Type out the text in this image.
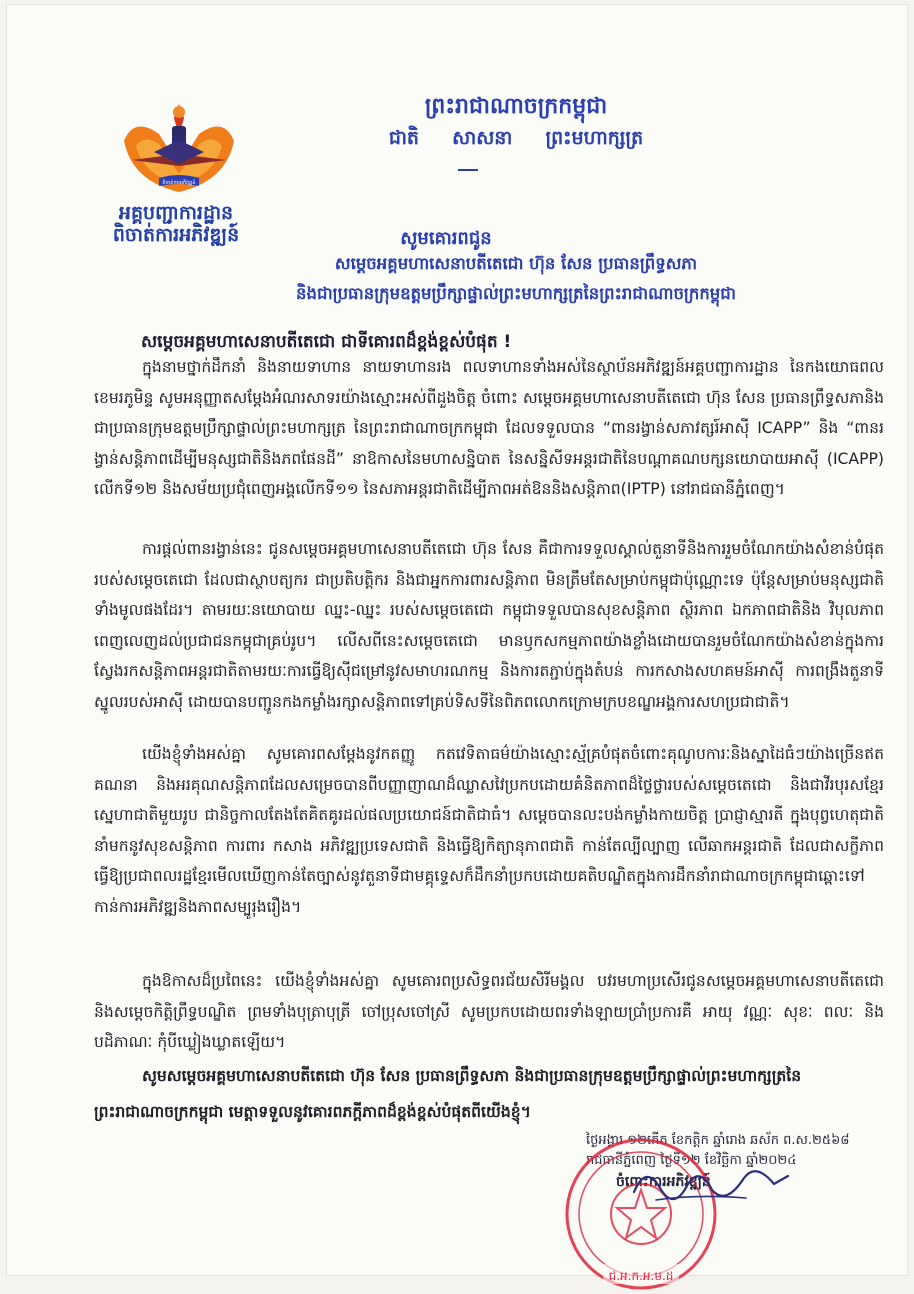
ពិចាត់ការអភិវឌ្ឍន៍
អគ្គបញ្ជាការដ្ឋាន
ពិចាត់ការអភិវឌ្ឍន៍
ព្រះរាជាណាចក្រកម្ពុជា
ជាតិ     សាសនា     ព្រះមហាក្សត្រ
សូមគោរពជូន
សម្តេចអគ្គមហាសេនាបតីតេជោ ហ៊ុន សែន ប្រធានព្រឹទ្ធសភា
និងជាប្រធានក្រុមឧត្តមប្រឹក្សាផ្ទាល់ព្រះមហាក្សត្រនៃព្រះរាជាណាចក្រកម្ពុជា
សម្តេចអគ្គមហាសេនាបតីតេជោ ជាទីគោរពដ៏ខ្ពង់ខ្ពស់បំផុត !

ក្នុងនាមថ្នាក់ដឹកនាំ និងនាយទាហាន នាយទាហានរង ពលទាហានទាំងអស់នៃស្ថាប័នអភិវឌ្ឍន៍អគ្គបញ្ជាការដ្ឋាន នៃកងយោធពលខេមរភូមិន្ទ សូមអនុញ្ញាតសម្តែងអំណរសាទរយ៉ាងស្មោះអស់ពីដួងចិត្ត ចំពោះ សម្តេចអគ្គមហាសេនាបតីតេជោ ហ៊ុន សែន ប្រធានព្រឹទ្ធសភានិងជាប្រធានក្រុមឧត្តមប្រឹក្សាផ្ទាល់ព្រះមហាក្សត្រ នៃព្រះរាជាណាចក្រកម្ពុជា ដែលទទួលបាន “ពានរង្វាន់សភាវត្សរ៍អាស៊ី ICAPP” និង “ពានរង្វាន់សន្តិភាពដើម្បីមនុស្សជាតិនិងភពផែនដី” នាឱកាសនៃមហាសន្និបាត នៃសន្និសីទអន្តរជាតិនៃបណ្តាគណបក្សនយោបាយអាស៊ី (ICAPP) លើកទី១២ និងសម័យប្រជុំពេញអង្គលើកទី១១ នៃសភាអន្តរជាតិដើម្បីភាពអត់ឱននិងសន្តិភាព(IPTP) នៅរាជធានីភ្នំពេញ។

ការផ្តល់ពានរង្វាន់នេះ ជូនសម្តេចអគ្គមហាសេនាបតីតេជោ ហ៊ុន សែន គឺជាការទទួលស្គាល់តួនាទីនិងការរួមចំណែកយ៉ាងសំខាន់បំផុតរបស់សម្តេចតេជោ ដែលជាស្ថាបត្យករ ជាប្រតិបត្តិករ និងជាអ្នកការពារសន្តិភាព មិនត្រឹមតែសម្រាប់កម្ពុជាប៉ុណ្ណោះទេ ប៉ុន្តែសម្រាប់មនុស្សជាតិទាំងមូលផងដែរ។ តាមរយៈនយោបាយ ឈ្នះ-ឈ្នះ របស់សម្តេចតេជោ កម្ពុជាទទួលបានសុខសន្តិភាព ស្ថិរភាព ឯកភាពជាតិនិង វិបុលភាពពេញលេញដល់ប្រជាជនកម្ពុជាគ្រប់រូប។ លើសពីនេះសម្តេចតេជោ មានឫកសកម្មភាពយ៉ាងខ្លាំងដោយបានរួមចំណែកយ៉ាងសំខាន់ក្នុងការស្វែងរកសន្តិភាពអន្តរជាតិតាមរយៈការធ្វើឱ្យស៊ីជម្រៅនូវសមាហរណកម្ម និងការតភ្ជាប់ក្នុងតំបន់ ការកសាងសហគមន៍អាស៊ី ការពង្រឹងតួនាទីស្នូលរបស់អាស៊ី ដោយបានបញ្ជូនកងកម្លាំងរក្សាសន្តិភាពទៅគ្រប់ទិសទីនៃពិភពលោកក្រោមក្របខណ្ឌអង្គការសហប្រជាជាតិ។

យើងខ្ញុំទាំងអស់គ្នា សូមគោរពសម្តែងនូវកតញ្ញូ កតវេទិតាធម៌យ៉ាងស្មោះស្ម័គ្របំផុតចំពោះគុណូបការៈនិងស្នាដៃធំៗយ៉ាងច្រើនឥតគណនា និងអរគុណសន្តិភាពដែលសម្រេចបានពីបញ្ញាញាណដ៏ឈ្លាសវៃប្រកបដោយគំនិតភាពដ៏ថ្លៃថ្លារបស់សម្តេចតេជោ និងជាវីរបុរសខ្មែរស្នេហាជាតិមួយរូប ជានិច្ចកាលតែងតែគិតគូរដល់ផលប្រយោជន៍ជាតិជាធំ។ សម្តេចបានលះបង់កម្លាំងកាយចិត្ត ប្រាជ្ញាស្មារតី ក្នុងបុព្វហេតុជាតិ នាំមកនូវសុខសន្តិភាព ការពារ កសាង អភិវឌ្ឍប្រទេសជាតិ និងធ្វើឱ្យកិត្យានុភាពជាតិ កាន់តែល្បីល្បាញ លើឆាកអន្តរជាតិ ដែលជាសក្ខីភាពធ្វើឱ្យប្រជាពលរដ្ឋខ្មែរមើលឃើញកាន់តែច្បាស់នូវតួនាទីជាមគ្គុទ្ទេសក៏ដឹកនាំប្រកបដោយគតិបណ្ឌិតក្នុងការដឹកនាំរាជាណាចក្រកម្ពុជាឆ្ពោះទៅកាន់ការអភិវឌ្ឍនិងភាពសម្បូរុងរឿង។

ក្នុងឱកាសដ៏ប្រពៃនេះ យើងខ្ញុំទាំងអស់គ្នា សូមគោរពប្រសិទ្ធពរជ័យសិរីមង្គល បវរមហាប្រសើរជូនសម្តេចអគ្គមហាសេនាបតីតេជោ និងសម្តេចកិត្តិព្រឹទ្ធបណ្ឌិត ព្រមទាំងបុត្រាបុត្រី ចៅប្រុសចៅស្រី សូមប្រកបដោយពរទាំងឡាយប្រាំប្រការគឺ អាយុ វណ្ណៈ សុខៈ ពលៈ និងបដិភាណៈ កុំបីឃ្លៀងឃ្លាតឡើយ។

សូមសម្តេចអគ្គមហាសេនាបតីតេជោ ហ៊ុន សែន ប្រធានព្រឹទ្ធសភា និងជាប្រធានក្រុមឧត្តមប្រឹក្សាផ្ទាល់ព្រះមហាក្សត្រនៃព្រះរាជាណាចក្រកម្ពុជា មេត្តាទទួលនូវគោរពភក្តីភាពដ៏ខ្ពង់ខ្ពស់បំផុតពីយើងខ្ញុំ។

ថ្ងៃអង្គារ ១២កើត ខែកត្តិក ឆ្នាំរោង ឆស័ក ព.ស.២៥៦៨
រាជធានីភ្នំពេញ ថ្ងៃទី១២ ខែវិច្ឆិកា ឆ្នាំ២០២៤
ចំពោះការអភិវឌ្ឍន៍
ជ.អ.ក.អ.ម.ដ
